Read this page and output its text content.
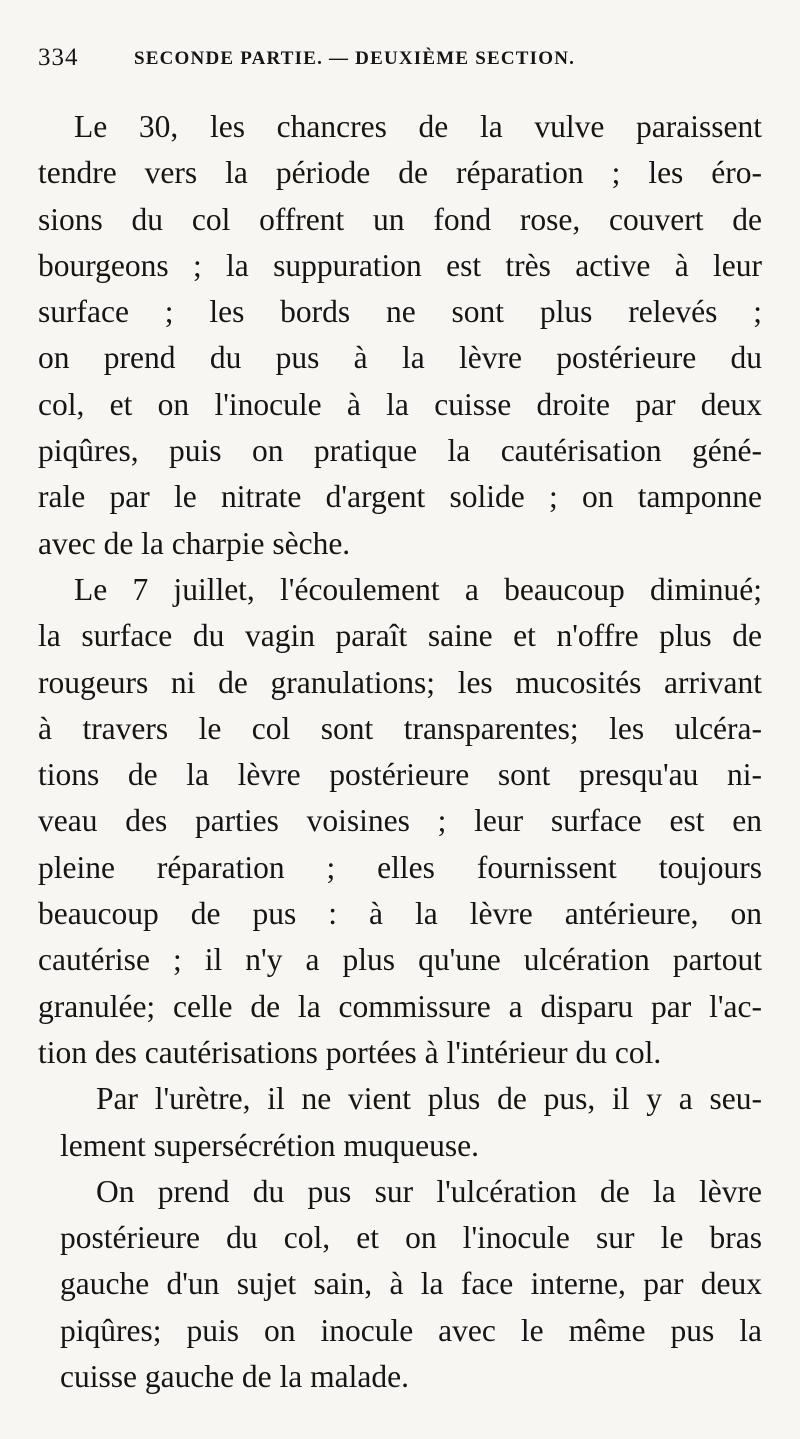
334	SECONDE PARTIE. — DEUXIÈME SECTION.
Le 30, les chancres de la vulve paraissent
tendre vers la période de réparation ; les éro-
sions du col offrent un fond rose, couvert de
bourgeons ; la suppuration est très active à leur
surface ; les bords ne sont plus relevés ;
on prend du pus à la lèvre postérieure du
col, et on l'inocule à la cuisse droite par deux
piqûres, puis on pratique la cautérisation géné-
rale par le nitrate d'argent solide ; on tamponne
avec de la charpie sèche.
Le 7 juillet, l'écoulement a beaucoup diminué;
la surface du vagin paraît saine et n'offre plus de
rougeurs ni de granulations; les mucosités arrivant
à travers le col sont transparentes; les ulcéra-
tions de la lèvre postérieure sont presqu'au ni-
veau des parties voisines ; leur surface est en
pleine réparation ; elles fournissent toujours
beaucoup de pus : à la lèvre antérieure, on
cautérise ; il n'y a plus qu'une ulcération partout
granulée; celle de la commissure a disparu par l'ac-
tion des cautérisations portées à l'intérieur du col.
Par l'urètre, il ne vient plus de pus, il y a seu-
lement supersécrétion muqueuse.
On prend du pus sur l'ulcération de la lèvre
postérieure du col, et on l'inocule sur le bras
gauche d'un sujet sain, à la face interne, par deux
piqûres; puis on inocule avec le même pus la
cuisse gauche de la malade.
